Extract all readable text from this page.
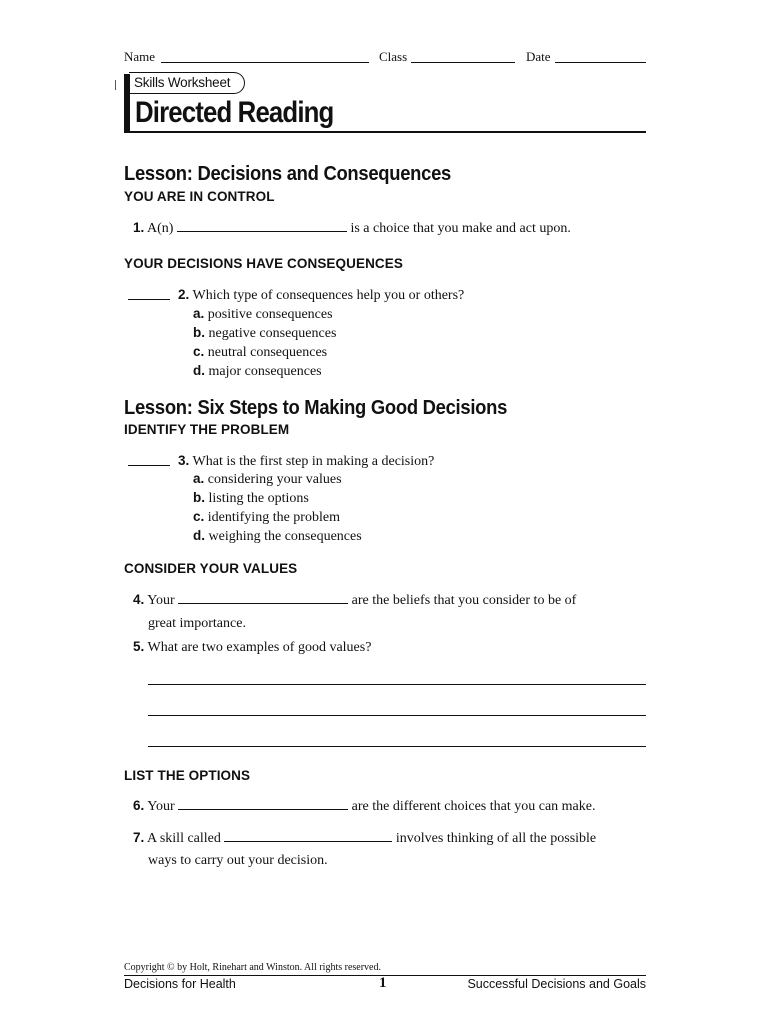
Name	Class	Date
Skills Worksheet
Directed Reading
Lesson: Decisions and Consequences
YOU ARE IN CONTROL
1. A(n)	is a choice that you make and act upon.
YOUR DECISIONS HAVE CONSEQUENCES
2. Which type of consequences help you or others?
a. positive consequences
b. negative consequences
c. neutral consequences
d. major consequences
Lesson: Six Steps to Making Good Decisions
IDENTIFY THE PROBLEM
3. What is the first step in making a decision?
a. considering your values
b. listing the options
c. identifying the problem
d. weighing the consequences
CONSIDER YOUR VALUES
4. Your	are the beliefs that you consider to be of
great importance.
5. What are two examples of good values?
LIST THE OPTIONS
6. Your	are the different choices that you can make.
7. A skill called	involves thinking of all the possible
ways to carry out your decision.
Copyright © by Holt, Rinehart and Winston. All rights reserved.
Decisions for Health	1	Successful Decisions and Goals
